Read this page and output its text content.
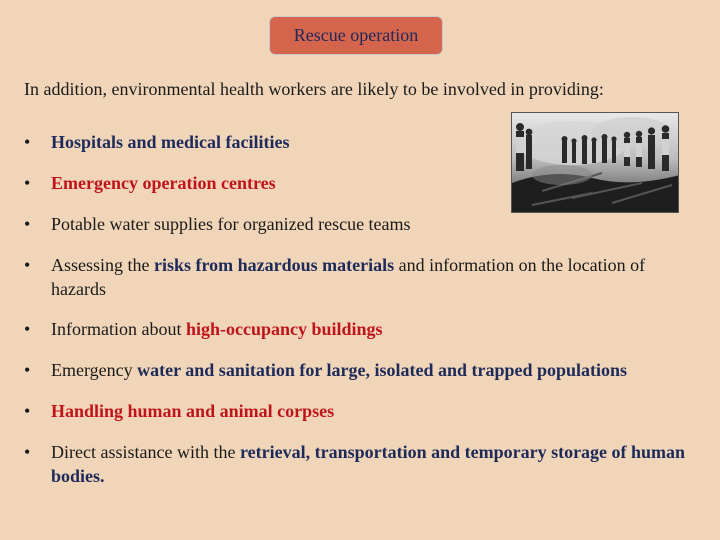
Rescue operation
In addition, environmental health workers are likely to be involved in providing:
•	Hospitals and medical facilities
•	Emergency operation centres
•	Potable water supplies for organized rescue teams
•	Assessing the risks from hazardous materials and information on the location of hazards
•	Information about high-occupancy buildings
•	Emergency water and sanitation for large, isolated and trapped populations
•	Handling human and animal corpses
•	Direct assistance with the retrieval, transportation and temporary storage of human bodies.
